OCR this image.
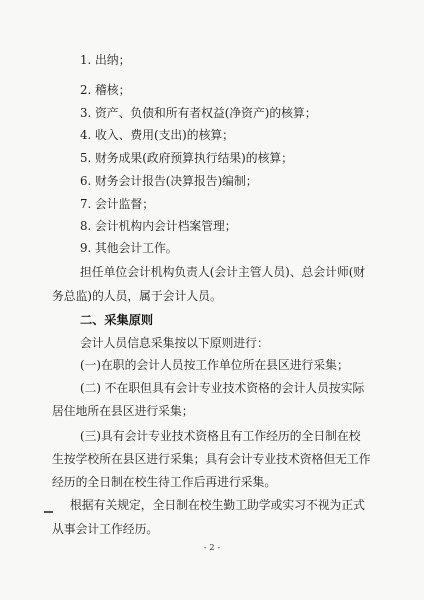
1. 出纳；
2. 稽核；
3. 资产、负债和所有者权益(净资产)的核算；
4. 收入、费用(支出)的核算；
5. 财务成果(政府预算执行结果)的核算；
6. 财务会计报告(决算报告)编制；
7. 会计监督；
8. 会计机构内会计档案管理；
9. 其他会计工作。
担任单位会计机构负责人(会计主管人员)、总会计师(财
务总监)的人员，属于会计人员。
二、采集原则
会计人员信息采集按以下原则进行：
(一)在职的会计人员按工作单位所在县区进行采集；
(二) 不在职但具有会计专业技术资格的会计人员按实际
居住地所在县区进行采集；
(三)具有会计专业技术资格且有工作经历的全日制在校
生按学校所在县区进行采集；具有会计专业技术资格但无工作
经历的全日制在校生待工作后再进行采集。
根据有关规定，全日制在校生勤工助学或实习不视为正式
从事会计工作经历。
- 2 -
